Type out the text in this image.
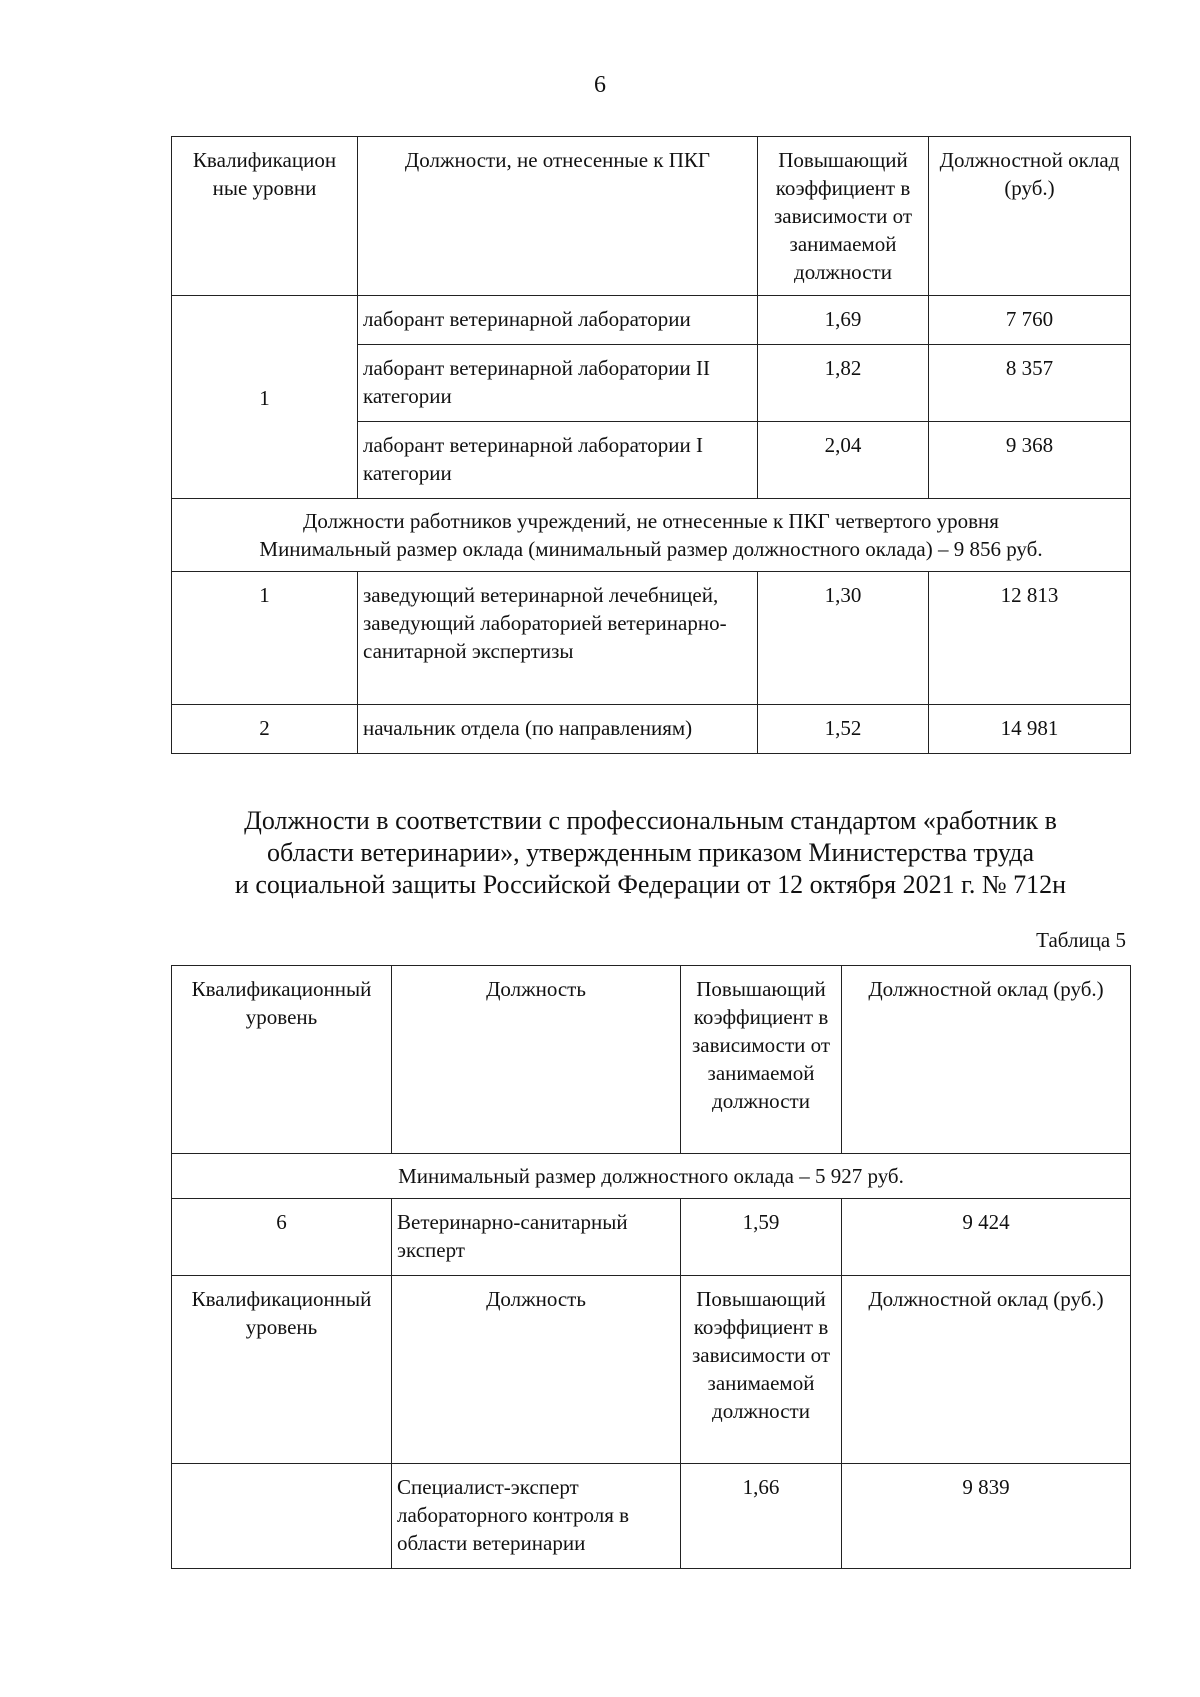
6
Квалификацион ные уровни	Должности, не отнесенные к ПКГ	Повышающий коэффициент в зависимости от занимаемой должности	Должностной оклад (руб.)
1	лаборант ветеринарной лаборатории	1,69	7 760
	лаборант ветеринарной лаборатории II категории	1,82	8 357
	лаборант ветеринарной лаборатории I категории	2,04	9 368

Должности работников учреждений, не отнесенные к ПКГ четвертого уровня
Минимальный размер оклада (минимальный размер должностного оклада) – 9 856 руб.			

1	заведующий ветеринарной лечебницей, заведующий лабораторией ветеринарно-санитарной экспертизы	1,30	12 813
2	начальник отдела (по направлениям)	1,52	14 981
Должности в соответствии с профессиональным стандартом «работник в
области ветеринарии», утвержденным приказом Министерства труда
и социальной защиты Российской Федерации от 12 октября 2021 г. № 712н
Таблица 5
Квалификационный уровень	Должность	Повышающий коэффициент в зависимости от занимаемой должности	Должностной оклад (руб.)
Минимальный размер должностного оклада – 5 927 руб.			
6	Ветеринарно-санитарный эксперт	1,59	9 424
Квалификационный уровень	Должность	Повышающий коэффициент в зависимости от занимаемой должности	Должностной оклад (руб.)
	Специалист-эксперт лабораторного контроля в области ветеринарии	1,66	9 839
